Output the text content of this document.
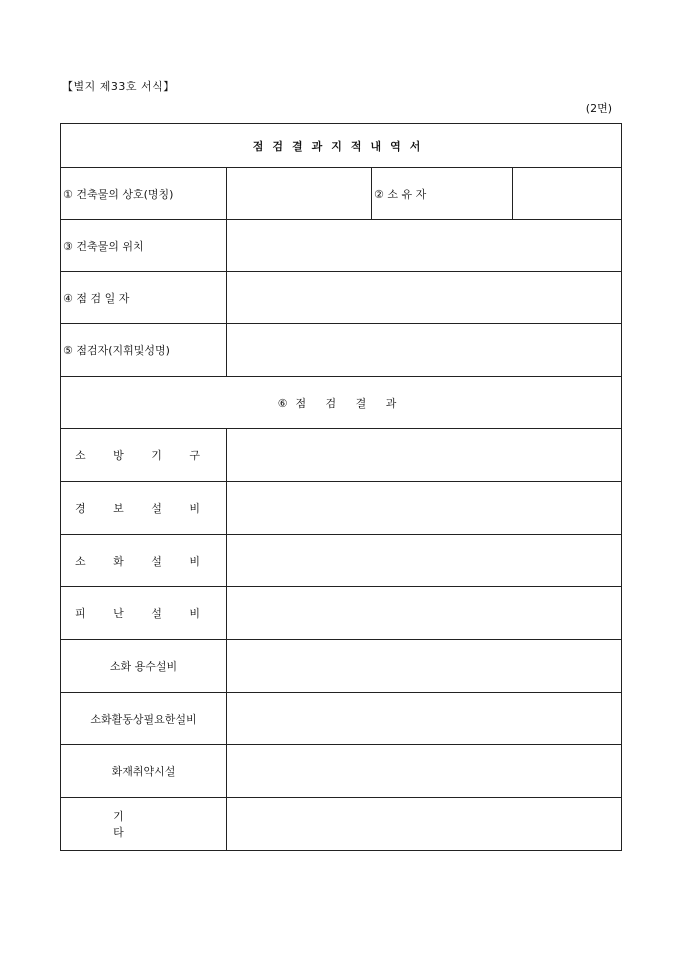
【별지 제33호 서식】
(2면)
점검결과지적내역서			
① 건축물의 상호(명칭)		② 소 유 자	
③ 건축물의 위치			
④ 점 검 일 자			
⑤ 점검자(지휘및성명)			
⑥점 검 결 과			
소 방 기 구			
경 보 설 비			
소 화 설 비			
피 난 설 비			
소화 용수설비			
소화활동상필요한설비			
화재취약시설			
기 타			
